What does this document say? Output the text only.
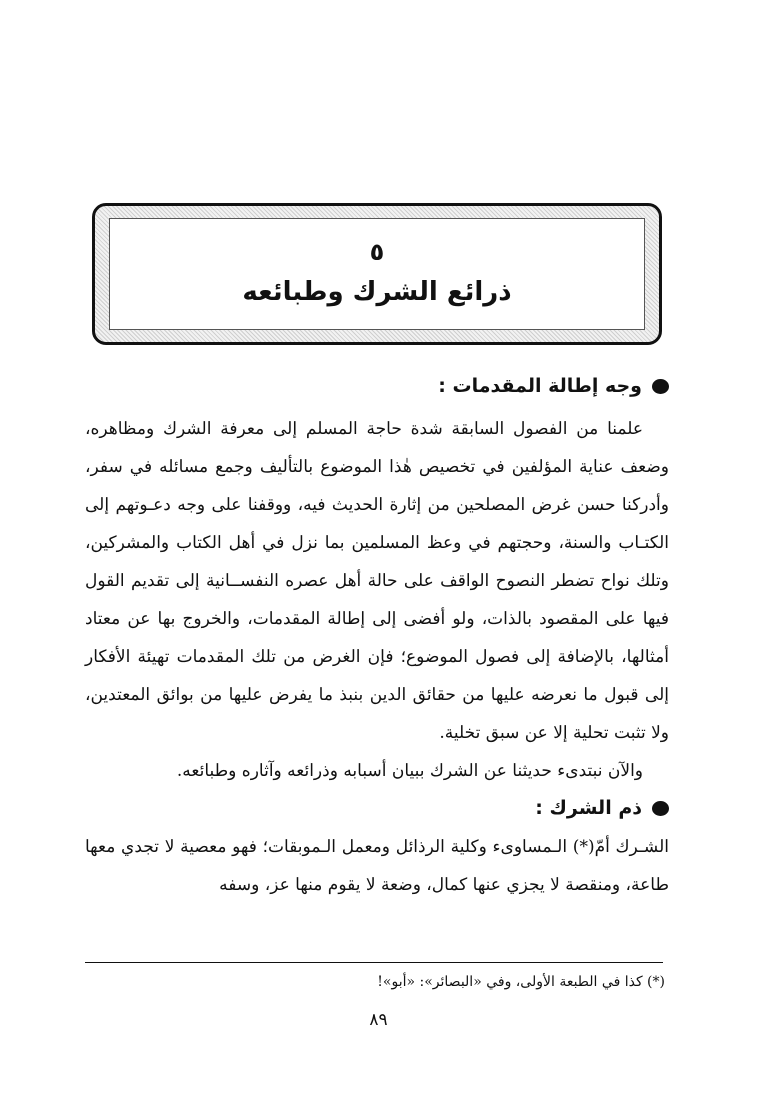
٥
ذرائع الشرك وطبائعه
وجه إطالة المقدمات :

علمنا من الفصول السابقة شدة حاجة المسلم إلى معرفة الشرك ومظاهره، وضعف عناية المؤلفين في تخصيص هٰذا الموضوع بالتأليف وجمع مسائله في سفر، وأدركنا حسن غرض المصلحين من إثارة الحديث فيه، ووقفنا على وجه دعـوتهم إلى الكتـاب والسنة، وحجتهم في وعظ المسلمين بما نزل في أهل الكتاب والمشركين، وتلك نواح تضطر النصوح الواقف على حالة أهل عصره النفســانية إلى تقديم القول فيها على المقصود بالذات، ولو أفضى إلى إطالة المقدمات، والخروج بها عن معتاد أمثالها، بالإضافة إلى فصول الموضوع؛ فإن الغرض من تلك المقدمات تهيئة الأفكار إلى قبول ما نعرضه عليها من حقائق الدين بنبذ ما يفرض عليها من بوائق المعتدين، ولا تثبت تحلية إلا عن سبق تخلية.

والآن نبتدىء حديثنا عن الشرك ببيان أسبابه وذرائعه وآثاره وطبائعه.

ذم الشرك :

الشـرك أمّ(*) الـمساوىء وكلية الرذائل ومعمل الـموبقات؛ فهو معصية لا تجدي معها طاعة، ومنقصة لا يجزي عنها كمال، وضعة لا يقوم منها عز، وسفه

(*) كذا في الطبعة الأولى، وفي «البصائر»: «أبو»!
٨٩
